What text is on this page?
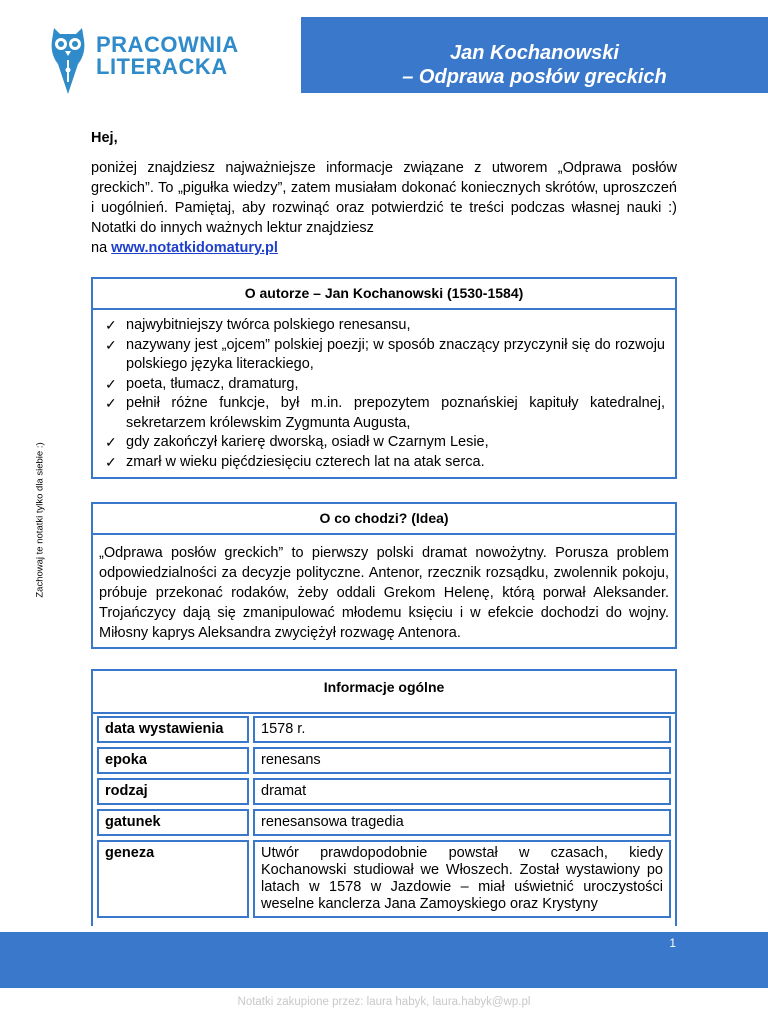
PRACOWNIA
LITERACKA
Jan Kochanowski
– Odprawa posłów greckich
Hej,

poniżej znajdziesz najważniejsze informacje związane z utworem „Odprawa posłów greckich”. To „pigułka wiedzy”, zatem musiałam dokonać koniecznych skrótów, uproszczeń i uogólnień. Pamiętaj, aby rozwinąć oraz potwierdzić te treści podczas własnej nauki :) Notatki do innych ważnych lektur znajdziesz

na www.notatkidomatury.pl
Zachowaj te notatki tylko dla siebie :)
O autorze – Jan Kochanowski (1530-1584)
✓ najwybitniejszy twórca polskiego renesansu,
✓ nazywany jest „ojcem” polskiej poezji; w sposób znaczący przyczynił się do rozwoju polskiego języka literackiego,
✓ poeta, tłumacz, dramaturg,
✓ pełnił różne funkcje, był m.in. prepozytem poznańskiej kapituły katedralnej, sekretarzem królewskim Zygmunta Augusta,
✓ gdy zakończył karierę dworską, osiadł w Czarnym Lesie,
✓ zmarł w wieku pięćdziesięciu czterech lat na atak serca.
O co chodzi? (Idea)
„Odprawa posłów greckich” to pierwszy polski dramat nowożytny. Porusza problem odpowiedzialności za decyzje polityczne. Antenor, rzecznik rozsądku, zwolennik pokoju, próbuje przekonać rodaków, żeby oddali Grekom Helenę, którą porwał Aleksander. Trojańczycy dają się zmanipulować młodemu księciu i w efekcie dochodzi do wojny. Miłosny kaprys Aleksandra zwyciężył rozwagę Antenora.
Informacje ogólne
data wystawienia	1578 r.

epoka	renesans

rodzaj	dramat

gatunek	renesansowa tragedia

geneza	Utwór prawdopodobnie powstał w czasach, kiedy Kochanowski studiował we Włoszech. Został wystawiony po latach w 1578 w Jazdowie – miał uświetnić uroczystości weselne kanclerza Jana Zamoyskiego oraz Krystyny

1
Notatki zakupione przez: laura habyk, laura.habyk@wp.pl
